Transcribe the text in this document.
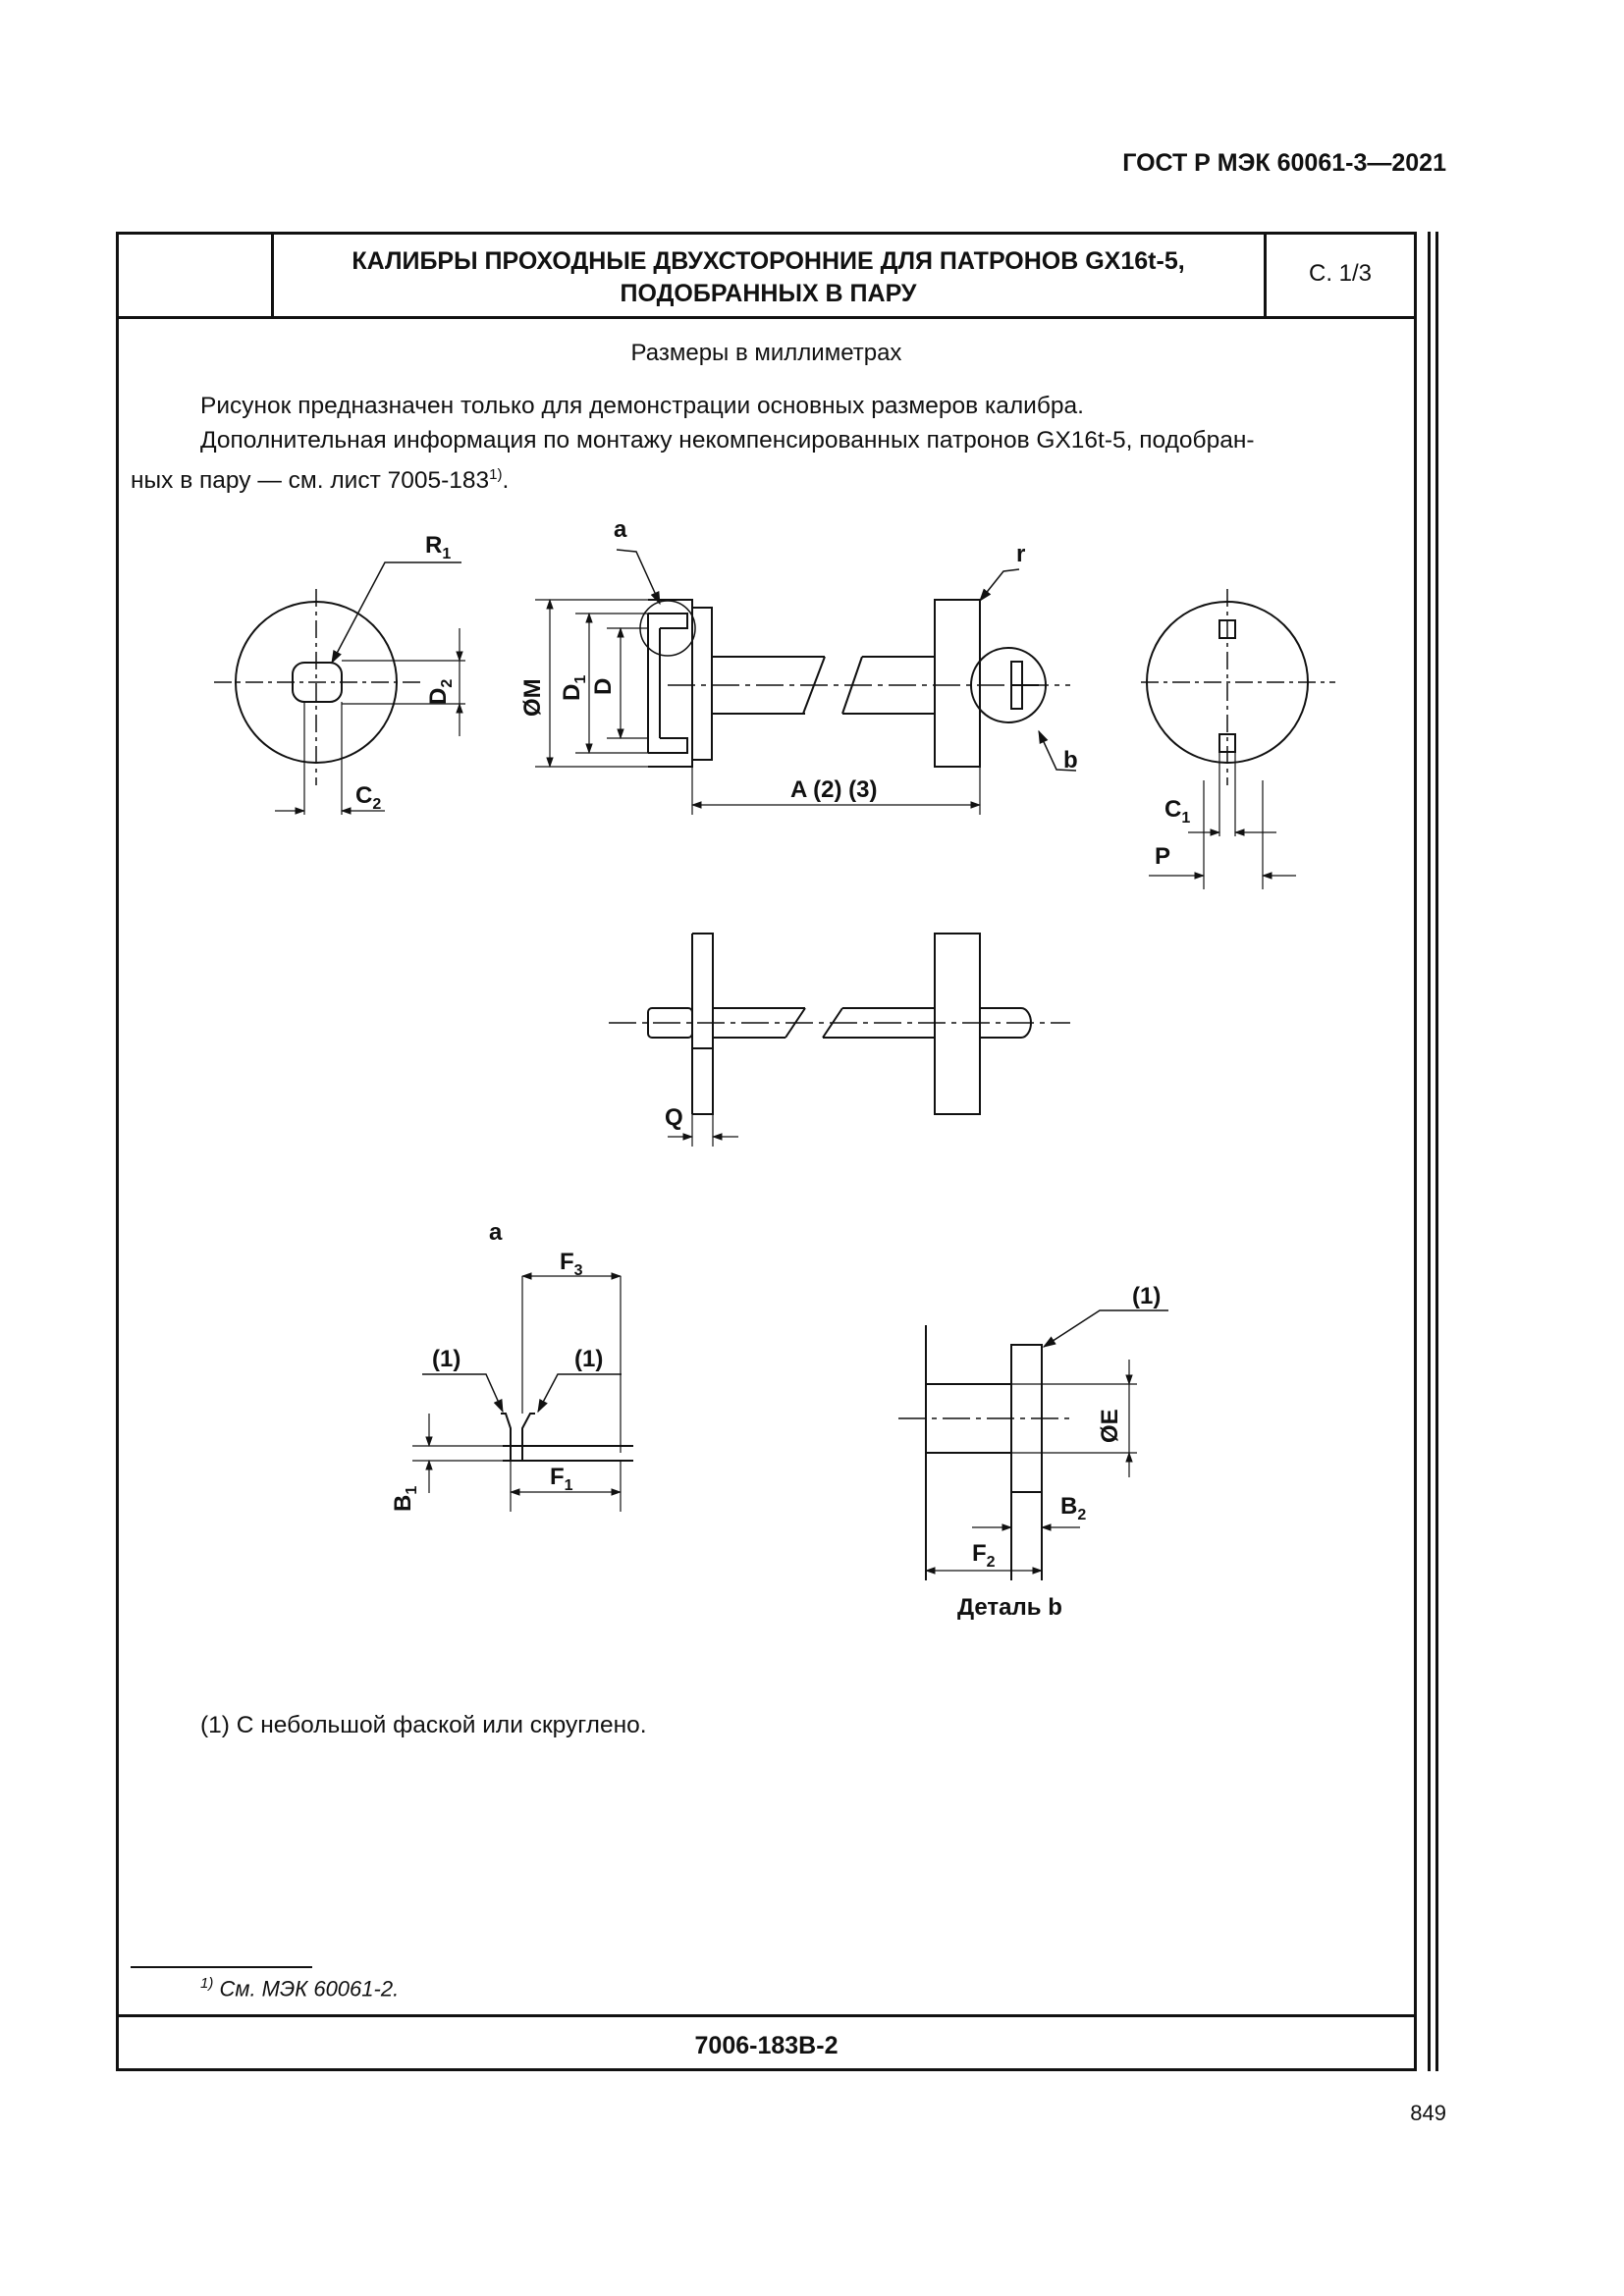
ГОСТ Р МЭК 60061-3—2021
КАЛИБРЫ ПРОХОДНЫЕ ДВУХСТОРОННИЕ ДЛЯ ПАТРОНОВ GX16t-5,
ПОДОБРАННЫХ В ПАРУ
С. 1/3
Размеры в миллиметрах
Рисунок предназначен только для демонстрации основных размеров калибра.
Дополнительная информация по монтажу некомпенсированных патронов GX16t-5, подобран-
ных в пару — см. лист 7005-183$^{1)}$.
$R_1$
$D_2$
$C_2$
a
r
b
ØM $D_1$ D
A (2) (3)
$C_1$
P
Q
a
$F_3$
(1)	(1)
$B_1$
$F_1$
(1)
ØE
$B_2$
$F_2$
Деталь b
(1) С небольшой фаской или скруглено.
$^{1)}$ См. МЭК 60061-2.
7006-183B-2
849
